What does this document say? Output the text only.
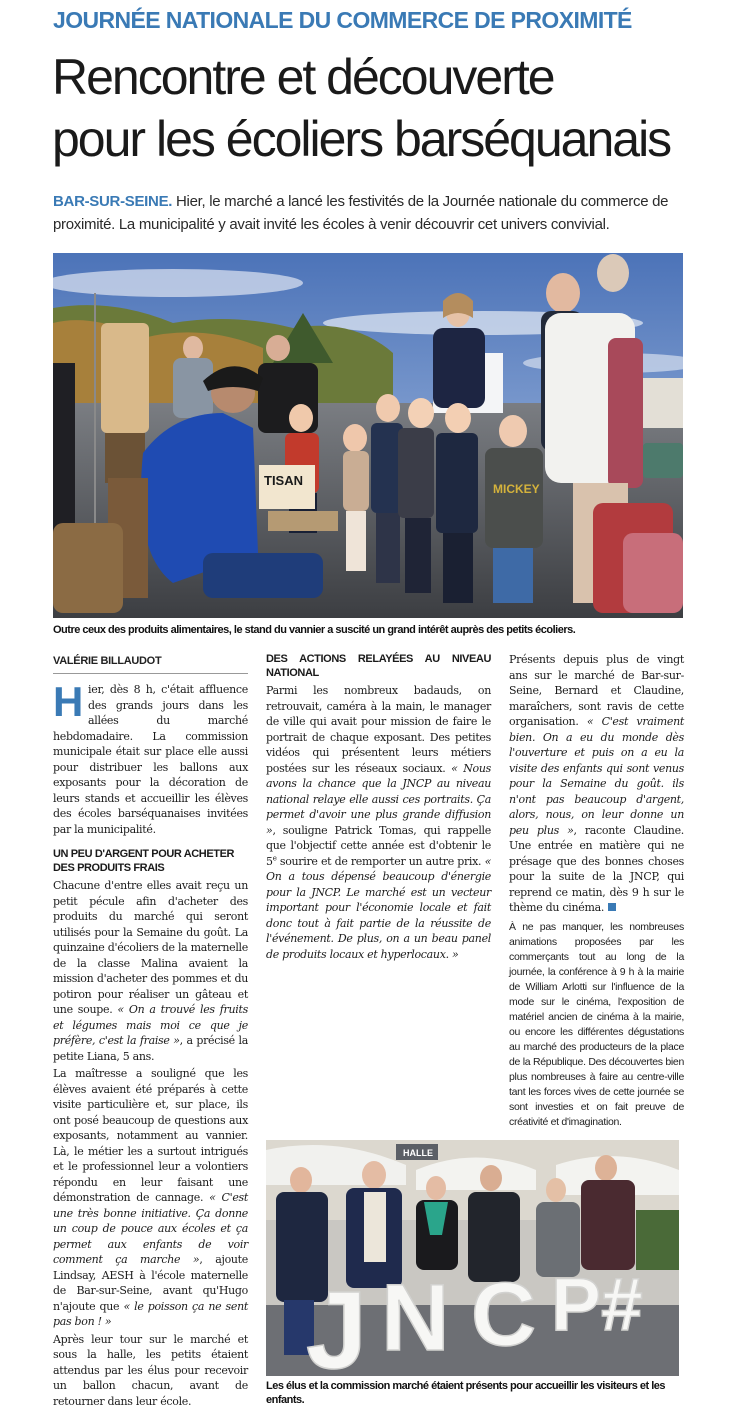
JOURNÉE NATIONALE DU COMMERCE DE PROXIMITÉ
Rencontre et découverte
pour les écoliers barséquanais
BAR-SUR-SEINE. Hier, le marché a lancé les festivités de la Journée nationale du commerce de proximité. La municipalité y avait invité les écoles à venir découvrir cet univers convivial.
MICKEY
TISAN
Outre ceux des produits alimentaires, le stand du vannier a suscité un grand intérêt auprès des petits écoliers.
VALÉRIE BILLAUDOT
H ier, dès 8 h, c'était affluence des grands jours dans les allées du marché hebdomadaire. La commission municipale était sur place elle aussi pour distribuer les ballons aux exposants pour la décoration de leurs stands et accueillir les élèves des écoles barséquanaises invitées par la municipalité.

UN PEU D'ARGENT POUR ACHETER
DES PRODUITS FRAIS

Chacune d'entre elles avait reçu un petit pécule afin d'acheter des produits du marché qui seront utilisés pour la Semaine du goût. La quinzaine d'écoliers de la maternelle de la classe Malina avaient la mission d'acheter des pommes et du potiron pour réaliser un gâteau et une soupe. « On a trouvé les fruits et légumes mais moi ce que je préfère, c'est la fraise », a précisé la petite Liana, 5 ans.

La maîtresse a souligné que les élèves avaient été préparés à cette visite particulière et, sur place, ils ont posé beaucoup de questions aux exposants, notamment au vannier. Là, le métier les a surtout intrigués et le professionnel leur a volontiers répondu en leur faisant une démonstration de cannage. « C'est une très bonne initiative. Ça donne un coup de pouce aux écoles et ça permet aux enfants de voir comment ça marche », ajoute Lindsay, AESH à l'école maternelle de Bar-sur-Seine, avant qu'Hugo n'ajoute que « le poisson ça ne sent pas bon ! »

Après leur tour sur le marché et sous la halle, les petits étaient attendus par les élus pour recevoir un ballon chacun, avant de retourner dans leur école.

DES ACTIONS RELAYÉES AU NIVEAU NATIONAL

Parmi les nombreux badauds, on retrouvait, caméra à la main, le manager de ville qui avait pour mission de faire le portrait de chaque exposant. Des petites vidéos qui présentent leurs métiers postées sur les réseaux sociaux. « Nous avons la chance que la JNCP au niveau national relaye elle aussi ces portraits. Ça permet d'avoir une plus grande diffusion », souligne Patrick Tomas, qui rappelle que l'objectif cette année est d'obtenir le 5e sourire et de remporter un autre prix. « On a tous dépensé beaucoup d'énergie pour la JNCP. Le marché est un vecteur important pour l'économie locale et fait donc tout à fait partie de la réussite de l'événement. De plus, on a un beau panel de produits locaux et hyperlocaux. »

Présents depuis plus de vingt ans sur le marché de Bar-sur-Seine, Bernard et Claudine, maraîchers, sont ravis de cette organisation. « C'est vraiment bien. On a eu du monde dès l'ouverture et puis on a eu la visite des enfants qui sont venus pour la Semaine du goût. ils n'ont pas beaucoup d'argent, alors, nous, on leur donne un peu plus », raconte Claudine. Une entrée en matière qui ne présage que des bonnes choses pour la suite de la JNCP, qui reprend ce matin, dès 9 h sur le thème du cinéma.

À ne pas manquer, les nombreuses animations proposées par les commerçants tout au long de la journée, la conférence à 9 h à la mairie de William Arlotti sur l'influence de la mode sur le cinéma, l'exposition de matériel ancien de cinéma à la mairie, ou encore les différentes dégustations au marché des producteurs de la place de la République. Des découvertes bien plus nombreuses à faire au centre-ville tant les forces vives de cette journée se sont investies et on fait preuve de créativité et d'imagination.
HALLE
J N C P#
Les élus et la commission marché étaient présents pour accueillir les visiteurs et les enfants.
